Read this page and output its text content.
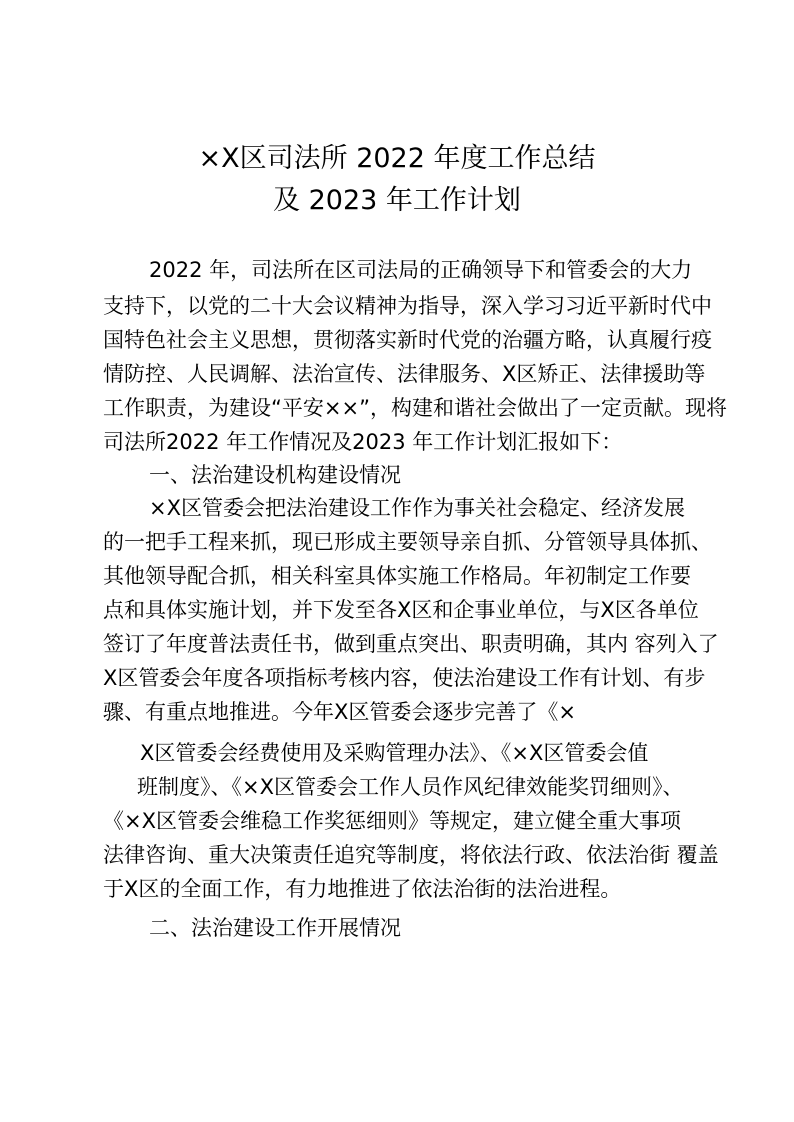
×X区司法所 2022 年度工作总结
及 2023 年工作计划
2022 年，司法所在区司法局的正确领导下和管委会的大力
支持下，以党的二十大会议精神为指导，深入学习习近平新时代中
国特色社会主义思想，贯彻落实新时代党的治疆方略，认真履行疫
情防控、人民调解、法治宣传、法律服务、X区矫正、法律援助等
工作职责，为建设“平安××”，构建和谐社会做出了一定贡献。现将
司法所2022 年工作情况及2023 年工作计划汇报如下：
一、法治建设机构建设情况
×X区管委会把法治建设工作作为事关社会稳定、经济发展
的一把手工程来抓，现已形成主要领导亲自抓、分管领导具体抓、
其他领导配合抓，相关科室具体实施工作格局。年初制定工作要
点和具体实施计划，并下发至各X区和企事业单位，与X区各单位
签订了年度普法责任书，做到重点突出、职责明确，其内 容列入了
X区管委会年度各项指标考核内容，使法治建设工作有计划、有步
骤、有重点地推进。今年X区管委会逐步完善了《×
X区管委会经费使用及采购管理办法》、《×X区管委会值
班制度》、《×X区管委会工作人员作风纪律效能奖罚细则》、
《×X区管委会维稳工作奖惩细则》等规定，建立健全重大事项
法律咨询、重大决策责任追究等制度，将依法行政、依法治街 覆盖
于X区的全面工作，有力地推进了依法治街的法治进程。
二、法治建设工作开展情况
